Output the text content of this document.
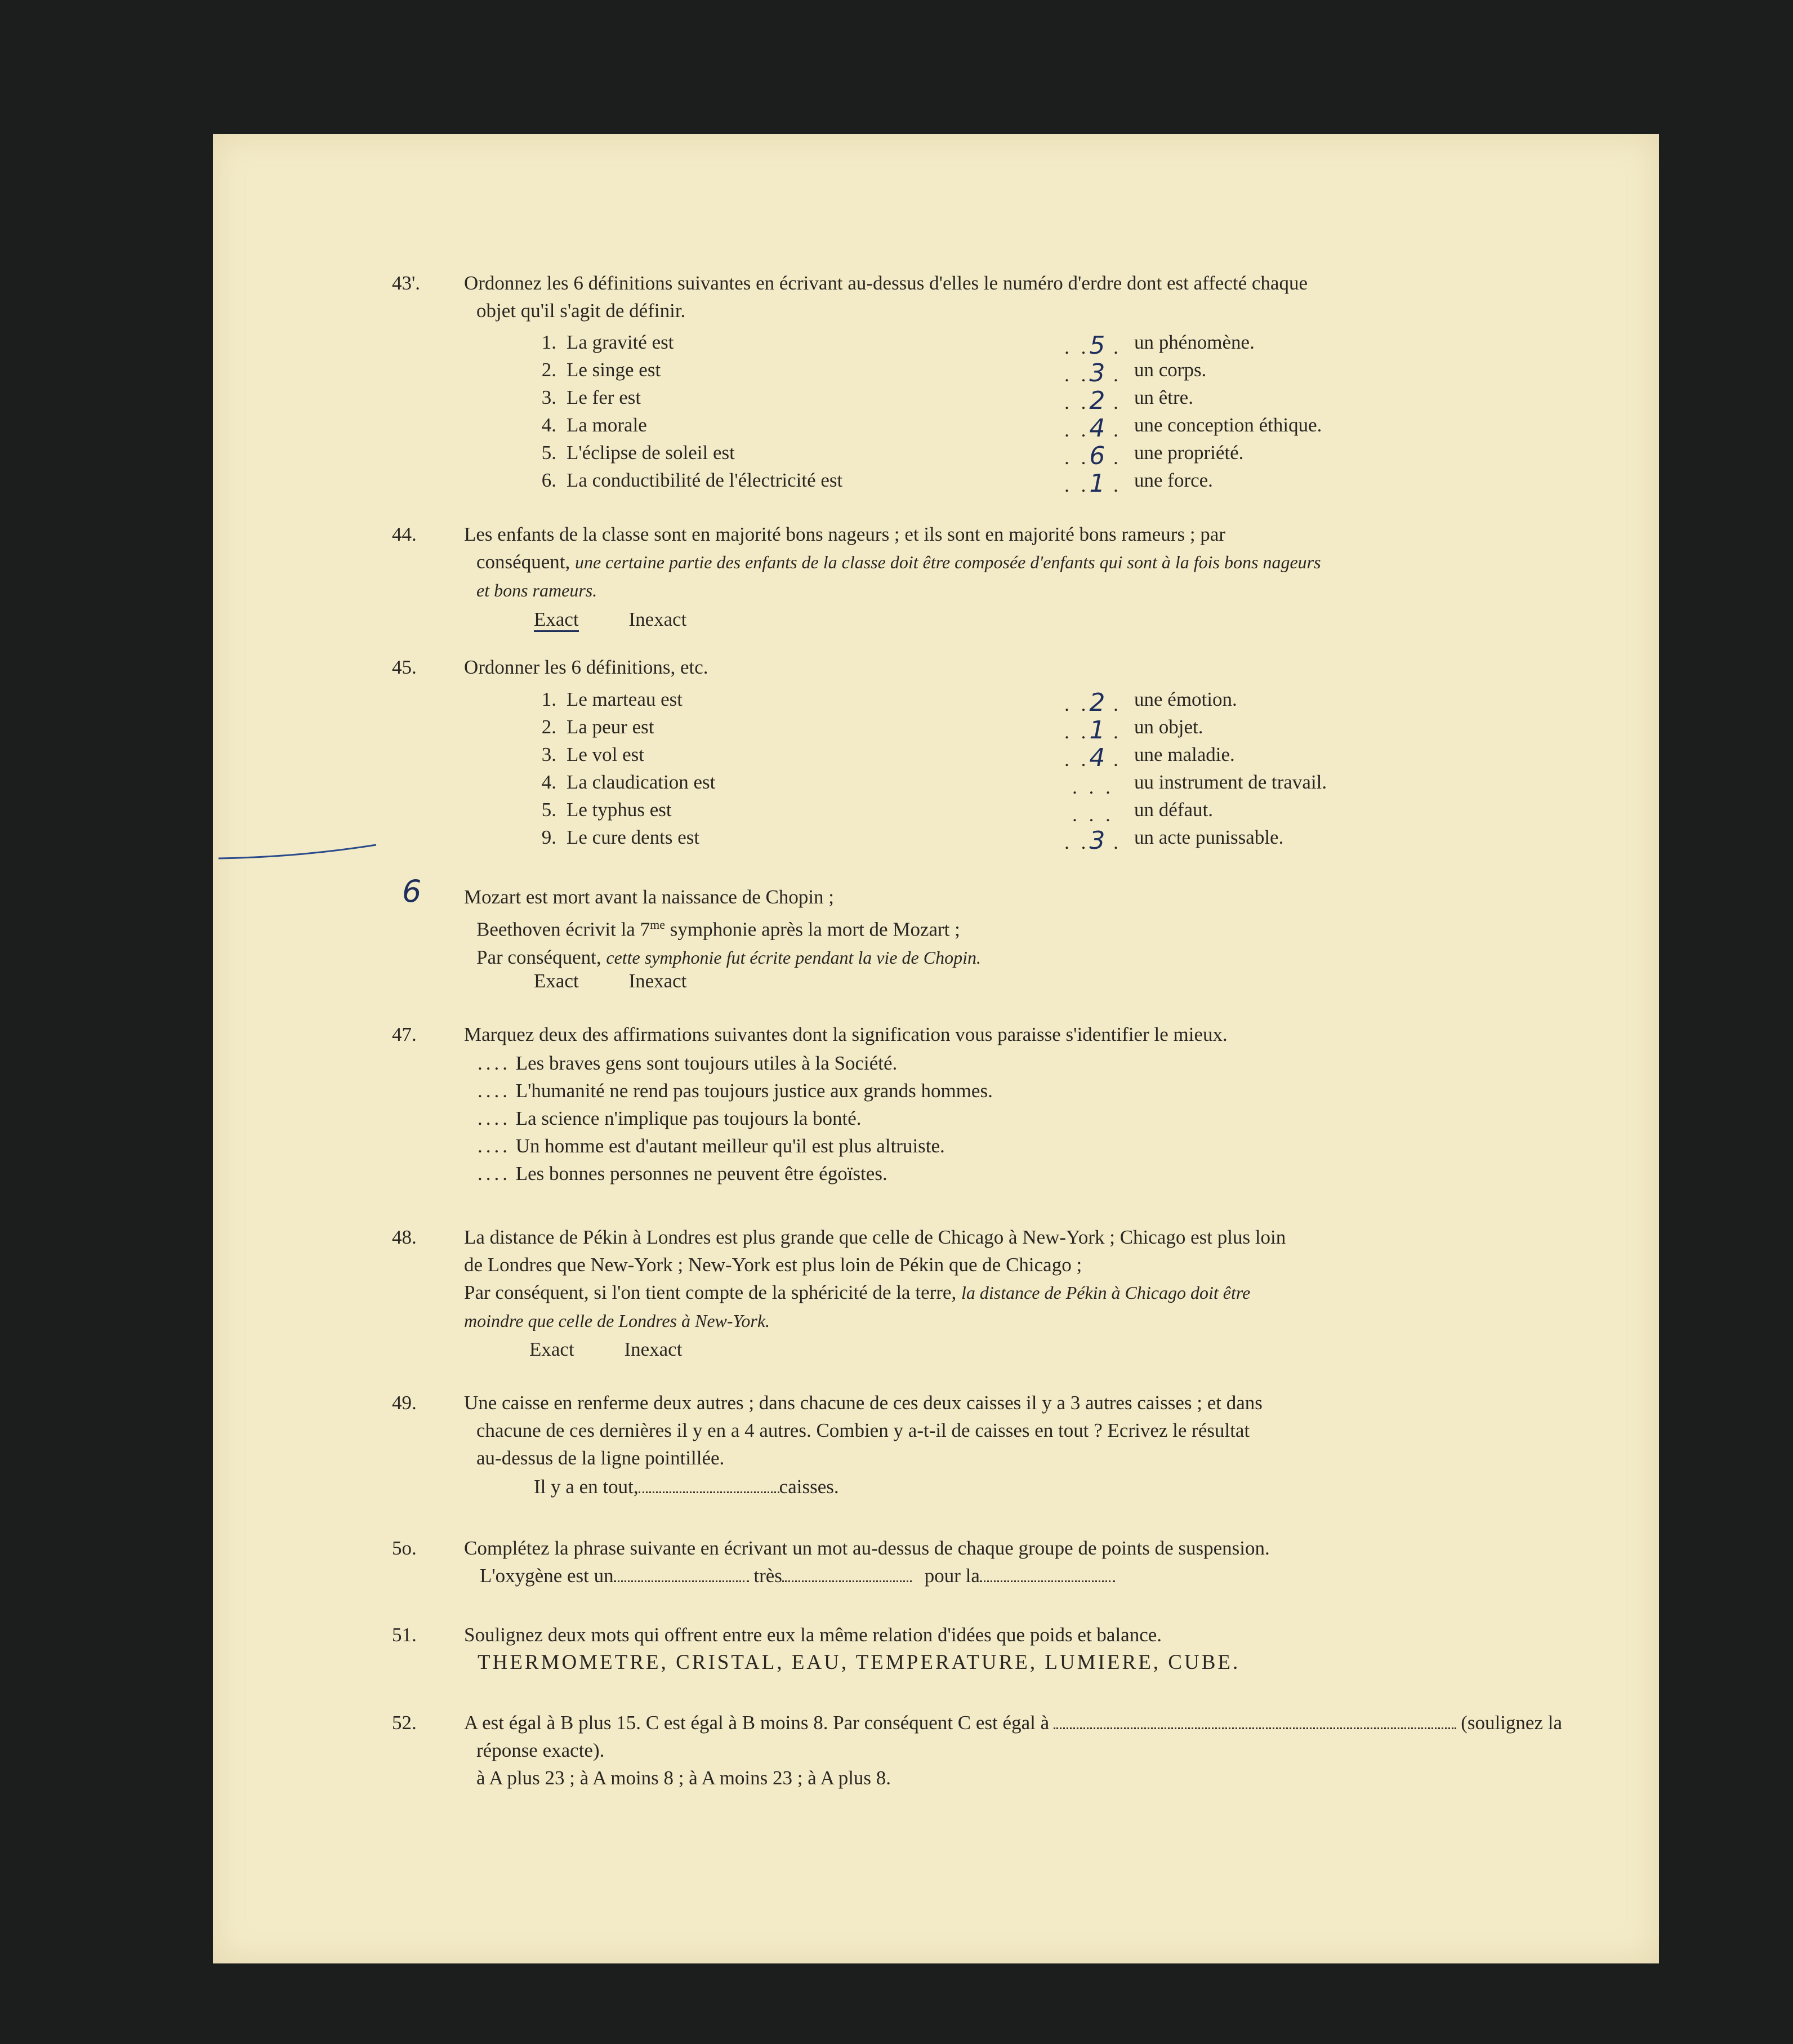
43'. Ordonnez les 6 définitions suivantes en écrivant au-dessus d'elles le numéro d'erdre dont est affecté chaque
objet qu'il s'agit de définir.
1. La gravité est	. .5 . un phénomène.
2. Le singe est	. .3 . un corps.
3. Le fer est	. .2 . un être.
4. La morale	. .4 . une conception éthique.
5. L'éclipse de soleil est	. .6 . une propriété.
6. La conductibilité de l'électricité est	. .1 . une force.
44. Les enfants de la classe sont en majorité bons nageurs ; et ils sont en majorité bons rameurs ; par
conséquent, une certaine partie des enfants de la classe doit être composée d'enfants qui sont à la fois bons nageurs
et bons rameurs.
Exact	Inexact
45. Ordonner les 6 définitions, etc.
1. Le marteau est	. .2 . une émotion.
2. La peur est	. .1 . un objet.
3. Le vol est	. .4 . une maladie.
4. La claudication est	. . .	uu instrument de travail.
5. Le typhus est	. . .	un défaut.
9. Le cure dents est	. .3 . un acte punissable.
6 Mozart est mort avant la naissance de Chopin ;
Beethoven écrivit la $7^{me}$ symphonie après la mort de Mozart ;
Par conséquent, cette symphonie fut écrite pendant la vie de Chopin.
Exact	Inexact
47. Marquez deux des affirmations suivantes dont la signification vous paraisse s'identifier le mieux.
.... Les braves gens sont toujours utiles à la Société.
.... L'humanité ne rend pas toujours justice aux grands hommes.
.... La science n'implique pas toujours la bonté.
.... Un homme est d'autant meilleur qu'il est plus altruiste.
.... Les bonnes personnes ne peuvent être égoïstes.
48. La distance de Pékin à Londres est plus grande que celle de Chicago à New-York ; Chicago est plus loin
de Londres que New-York ; New-York est plus loin de Pékin que de Chicago ;
Par conséquent, si l'on tient compte de la sphéricité de la terre, la distance de Pékin à Chicago doit être
moindre que celle de Londres à New-York.
Exact	Inexact
49. Une caisse en renferme deux autres ; dans chacune de ces deux caisses il y a 3 autres caisses ; et dans
chacune de ces dernières il y en a 4 autres. Combien y a-t-il de caisses en tout ? Ecrivez le résultat
au-dessus de la ligne pointillée.
Il y a en tout,	caisses.
5o. Complétez la phrase suivante en écrivant un mot au-dessus de chaque groupe de points de suspension.
L'oxygène est un	très	pour la
51. Soulignez deux mots qui offrent entre eux la même relation d'idées que poids et balance.
THERMOMETRE, CRISTAL, EAU, TEMPERATURE, LUMIERE, CUBE.
52. A est égal à B plus 15. C est égal à B moins 8. Par conséquent C est égal à	(soulignez la
réponse exacte).
à A plus 23 ; à A moins 8 ; à A moins 23 ; à A plus 8.
